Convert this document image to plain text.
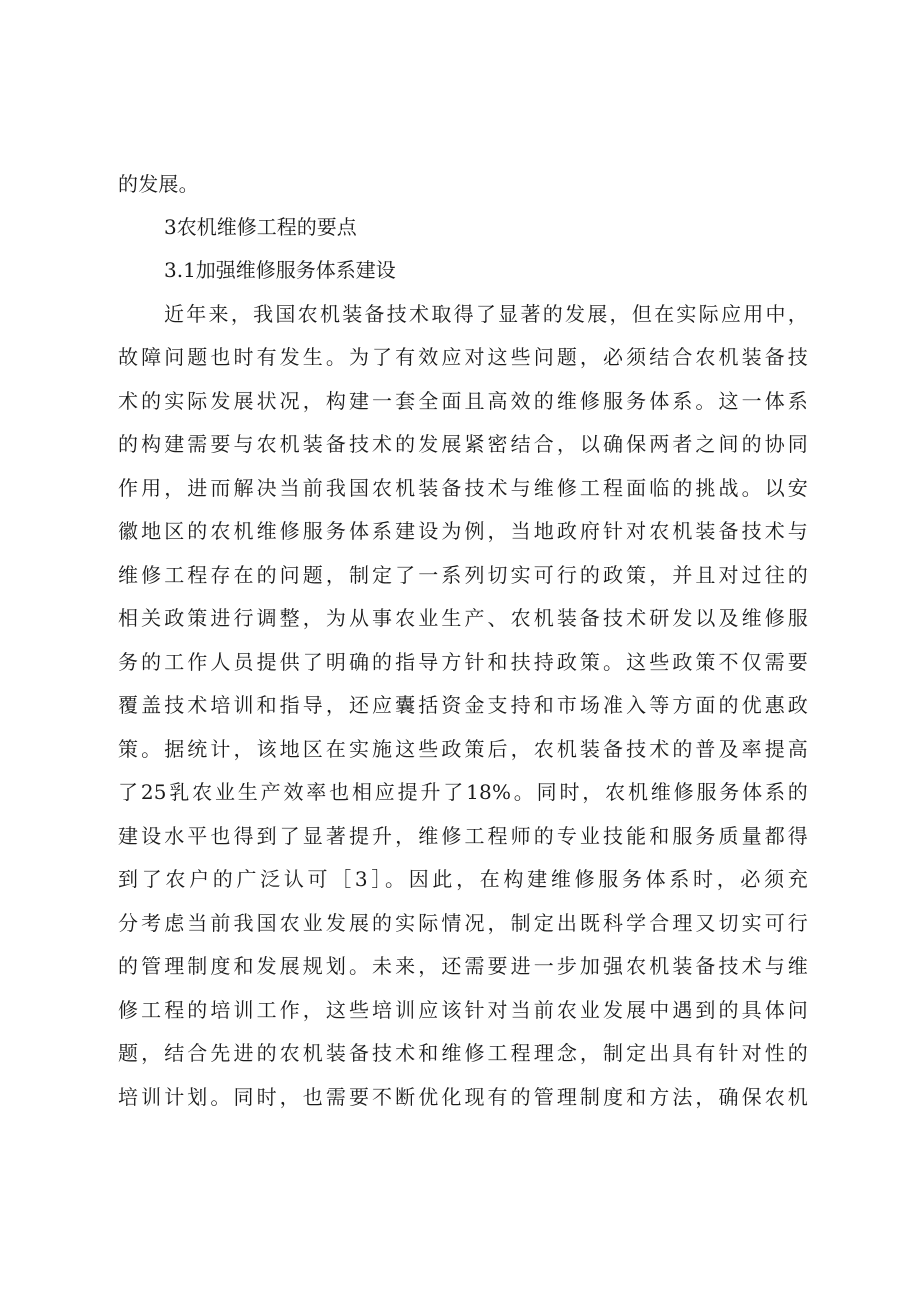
的发展。
3农机维修工程的要点
3.1加强维修服务体系建设
近年来，我国农机装备技术取得了显著的发展，但在实际应用中，
故障问题也时有发生。为了有效应对这些问题，必须结合农机装备技
术的实际发展状况，构建一套全面且高效的维修服务体系。这一体系
的构建需要与农机装备技术的发展紧密结合，以确保两者之间的协同
作用，进而解决当前我国农机装备技术与维修工程面临的挑战。以安
徽地区的农机维修服务体系建设为例，当地政府针对农机装备技术与
维修工程存在的问题，制定了一系列切实可行的政策，并且对过往的
相关政策进行调整，为从事农业生产、农机装备技术研发以及维修服
务的工作人员提供了明确的指导方针和扶持政策。这些政策不仅需要
覆盖技术培训和指导，还应囊括资金支持和市场准入等方面的优惠政
策。据统计，该地区在实施这些政策后，农机装备技术的普及率提高
了25乳农业生产效率也相应提升了18%。同时，农机维修服务体系的
建设水平也得到了显著提升，维修工程师的专业技能和服务质量都得
到了农户的广泛认可［3］。因此，在构建维修服务体系时，必须充
分考虑当前我国农业发展的实际情况，制定出既科学合理又切实可行
的管理制度和发展规划。未来，还需要进一步加强农机装备技术与维
修工程的培训工作，这些培训应该针对当前农业发展中遇到的具体问
题，结合先进的农机装备技术和维修工程理念，制定出具有针对性的
培训计划。同时，也需要不断优化现有的管理制度和方法，确保农机
